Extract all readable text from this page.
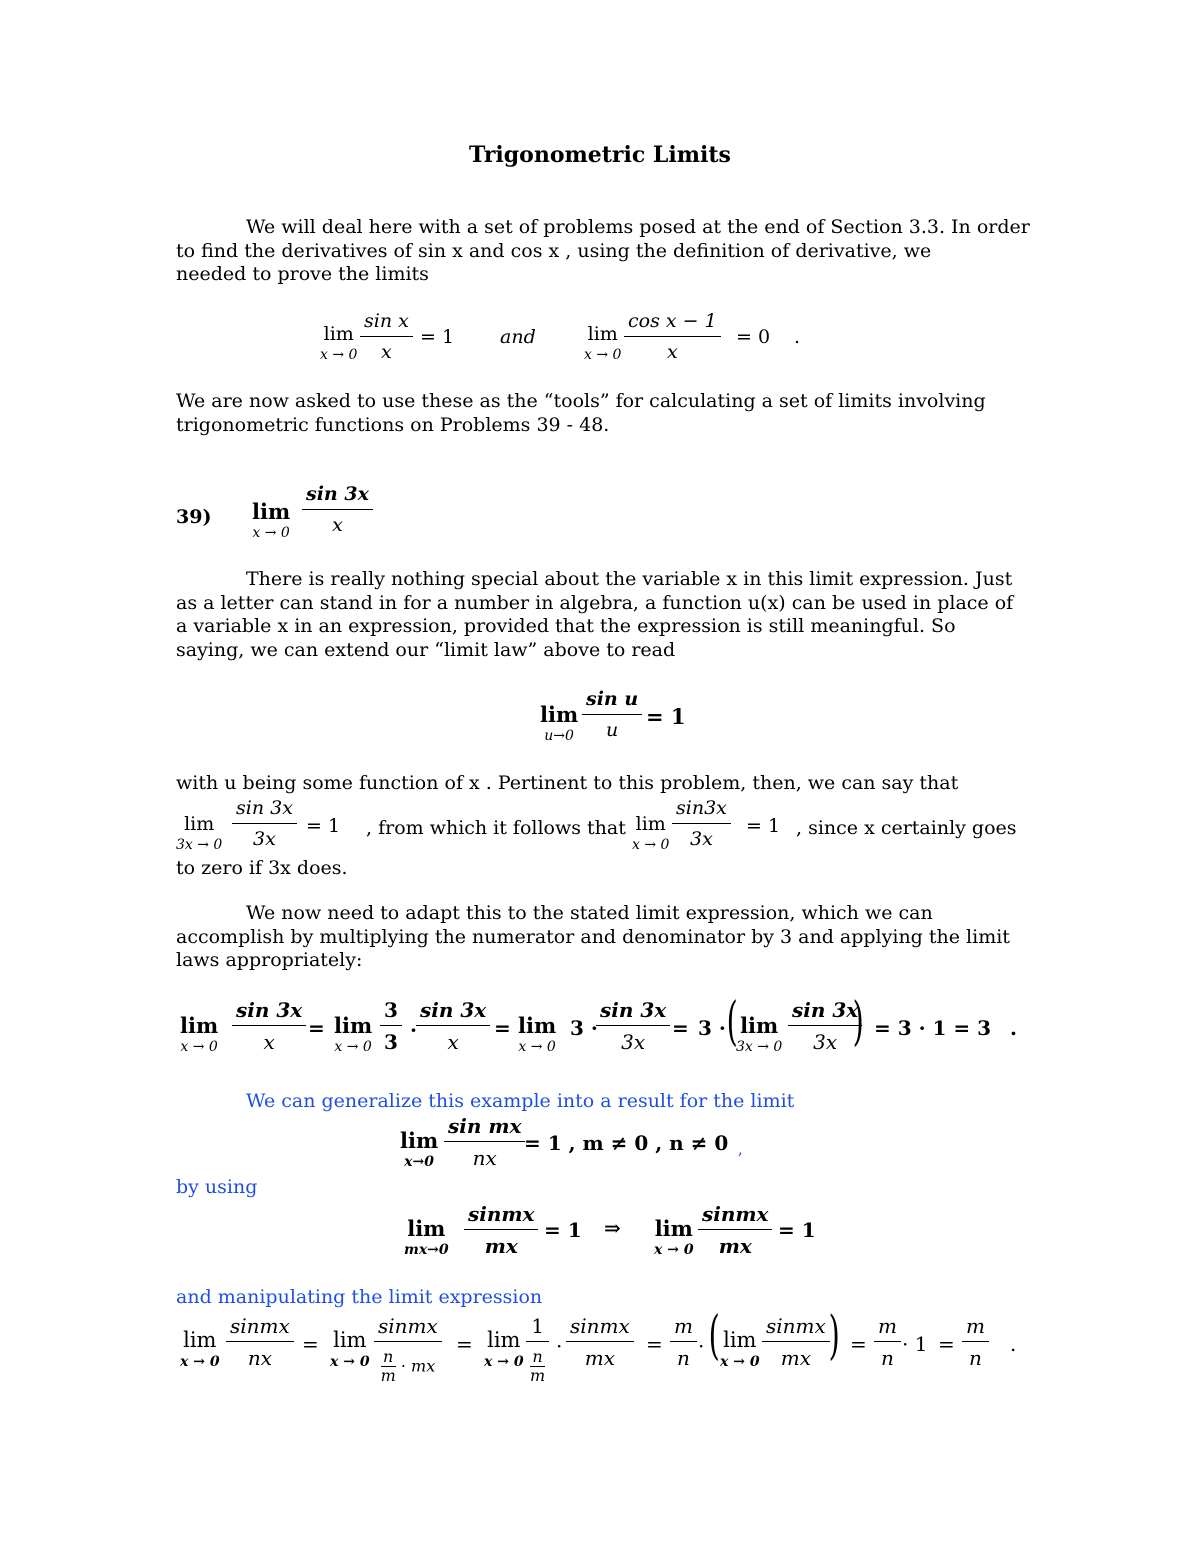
Trigonometric Limits
We will deal here with a set of problems posed at the end of Section 3.3. In order
to find the derivatives of sin x and cos x , using the definition of derivative, we
needed to prove the limits
lim
$x \to 0 \frac{\text{sin x}}{x} = 1$ and	lim
$x \to 0 \frac{\text{cos x − 1}}{x} = 0$ .
We are now asked to use these as the “tools” for calculating a set of limits involving
trigonometric functions on Problems 39 - 48.
39) lim
$x \to 0 \frac{\sin 3x}{x}$
There is really nothing special about the variable x in this limit expression. Just
as a letter can stand in for a number in algebra, a function u(x) can be used in place of
a variable x in an expression, provided that the expression is still meaningful. So
saying, we can extend our “limit law” above to read
lim
$u\to 0 \frac{\text{sin u}}{u} = 1$
with u being some function of x . Pertinent to this problem, then, we can say that
lim
$3x \to 0 \frac{\sin 3x}{3x} = 1$ , from which it follows that lim
$x \to 0 \frac{\sin 3x}{3x} = 1$ , since x certainly goes
to zero if 3x does.
We now need to adapt this to the stated limit expression, which we can
accomplish by multiplying the numerator and denominator by 3 and applying the limit
laws appropriately:
lim
$x \to 0 \frac{\sin 3x}{x} = \lim$
$x \to 0 \frac{3}{3} \cdot \frac{\sin 3x}{x} = \lim$
x → 0
3 ·
$\frac{\sin 3x}{3x} = 3$ · ( lim
$3x \to 0 \frac{\sin 3x}{3x}$
) = 3 · 1 = 3 .
We can generalize this example into a result for the limit
lim
$x\to 0 \frac{\text{sin mx}}{nx}$
= 1 , m ≠ 0 , n ≠ 0 ,
by using
lim
$mx\to 0 \frac{\text{sinmx}}{mx} = 1$ ⇒ lim
$x \to 0 \frac{\text{sinmx}}{mx} = 1$
and manipulating the limit expression
lim
$x \to 0 \frac{\text{sinmx}}{nx} = \lim$
x → 0
sinmx
$\frac{n}{m}$ · mx
= lim
x → 0
1
n
m
· $\frac{\text{sinmx}}{mx} = \frac{m}{n}$ · ( lim
$x \to 0 \frac{\text{sinmx}}{mx}$
) = $\frac{m}{n} \cdot 1 = \frac{m}{n}$ .
